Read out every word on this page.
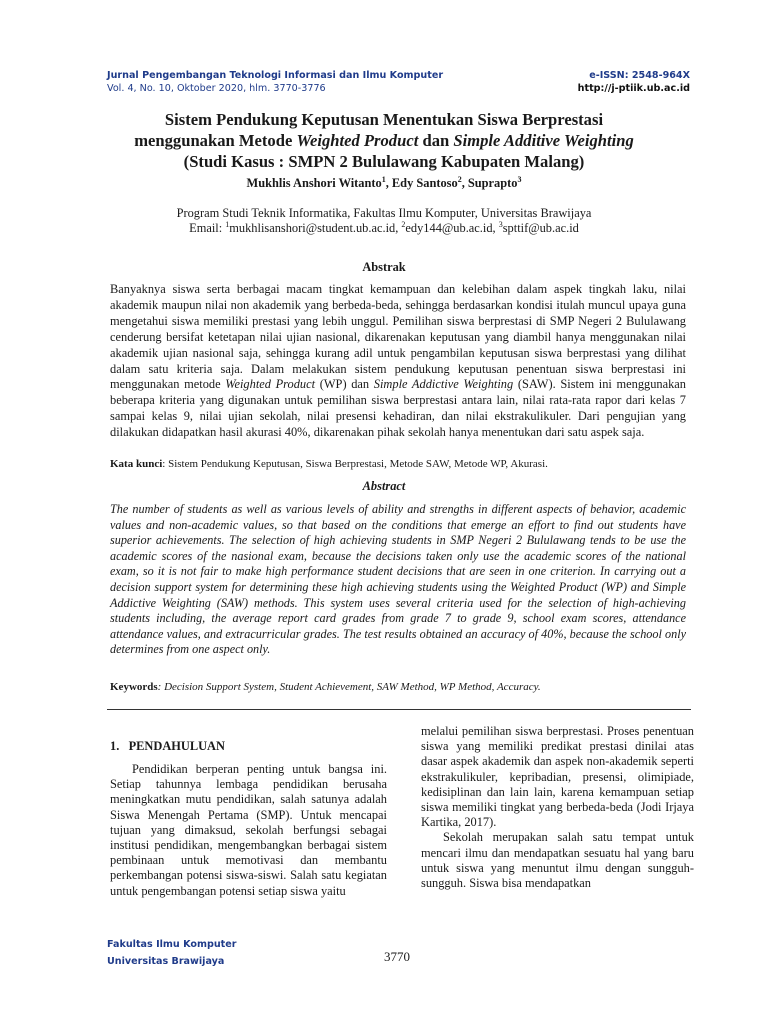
Jurnal Pengembangan Teknologi Informasi dan Ilmu Komputer	e-ISSN: 2548-964X
Vol. 4, No. 10, Oktober 2020, hlm. 3770-3776	http://j-ptiik.ub.ac.id
Sistem Pendukung Keputusan Menentukan Siswa Berprestasi
menggunakan Metode Weighted Product dan Simple Additive Weighting
(Studi Kasus : SMPN 2 Bululawang Kabupaten Malang)
Mukhlis Anshori Witanto$^1$, Edy Santoso$^2$, Suprapto$^3$
Program Studi Teknik Informatika, Fakultas Ilmu Komputer, Universitas Brawijaya
Email: $^1$mukhlisanshori@student.ub.ac.id, $^2$edy144@ub.ac.id, $^3$spttif@ub.ac.id
Abstrak

Banyaknya siswa serta berbagai macam tingkat kemampuan dan kelebihan dalam aspek tingkah laku, nilai akademik maupun nilai non akademik yang berbeda-beda, sehingga berdasarkan kondisi itulah muncul upaya guna mengetahui siswa memiliki prestasi yang lebih unggul. Pemilihan siswa berprestasi di SMP Negeri 2 Bululawang cenderung bersifat ketetapan nilai ujian nasional, dikarenakan keputusan yang diambil hanya menggunakan nilai akademik ujian nasional saja, sehingga kurang adil untuk pengambilan keputusan siswa berprestasi yang dilihat dalam satu kriteria saja. Dalam melakukan sistem pendukung keputusan penentuan siswa berprestasi ini menggunakan metode Weighted Product (WP) dan Simple Addictive Weighting (SAW). Sistem ini menggunakan beberapa kriteria yang digunakan untuk pemilihan siswa berprestasi antara lain, nilai rata-rata rapor dari kelas 7 sampai kelas 9, nilai ujian sekolah, nilai presensi kehadiran, dan nilai ekstrakulikuler. Dari pengujian yang dilakukan didapatkan hasil akurasi 40%, dikarenakan pihak sekolah hanya menentukan dari satu aspek saja.

Kata kunci: Sistem Pendukung Keputusan, Siswa Berprestasi, Metode SAW, Metode WP, Akurasi.

Abstract

The number of students as well as various levels of ability and strengths in different aspects of behavior, academic values and non-academic values, so that based on the conditions that emerge an effort to find out students have superior achievements. The selection of high achieving students in SMP Negeri 2 Bululawang tends to be use the academic scores of the nasional exam, because the decisions taken only use the academic scores of the national exam, so it is not fair to make high performance student decisions that are seen in one criterion. In carrying out a decision support system for determining these high achieving students using the Weighted Product (WP) and Simple Addictive Weighting (SAW) methods. This system uses several criteria used for the selection of high-achieving students including, the average report card grades from grade 7 to grade 9, school exam scores, attendance attendance values, and extracurricular grades. The test results obtained an accuracy of 40%, because the school only determines from one aspect only.

Keywords: Decision Support System, Student Achievement, SAW Method, WP Method, Accuracy.

1.   PENDAHULUAN

Pendidikan berperan penting untuk bangsa ini. Setiap tahunnya lembaga pendidikan berusaha meningkatkan mutu pendidikan, salah satunya adalah Siswa Menengah Pertama (SMP). Untuk mencapai tujuan yang dimaksud, sekolah berfungsi sebagai institusi pendidikan, mengembangkan berbagai sistem pembinaan untuk memotivasi dan membantu perkembangan potensi siswa-siswi. Salah satu kegiatan untuk pengembangan potensi setiap siswa yaitu

melalui pemilihan siswa berprestasi. Proses penentuan siswa yang memiliki predikat prestasi dinilai atas dasar aspek akademik dan aspek non-akademik seperti ekstrakulikuler, kepribadian, presensi, olimipiade, kedisiplinan dan lain lain, karena kemampuan setiap siswa memiliki tingkat yang berbeda-beda (Jodi Irjaya Kartika, 2017).

Sekolah merupakan salah satu tempat untuk mencari ilmu dan mendapatkan sesuatu hal yang baru untuk siswa yang menuntut ilmu dengan sungguh-sungguh. Siswa bisa mendapatkan

Fakultas Ilmu Komputer
Universitas Brawijaya	3770
